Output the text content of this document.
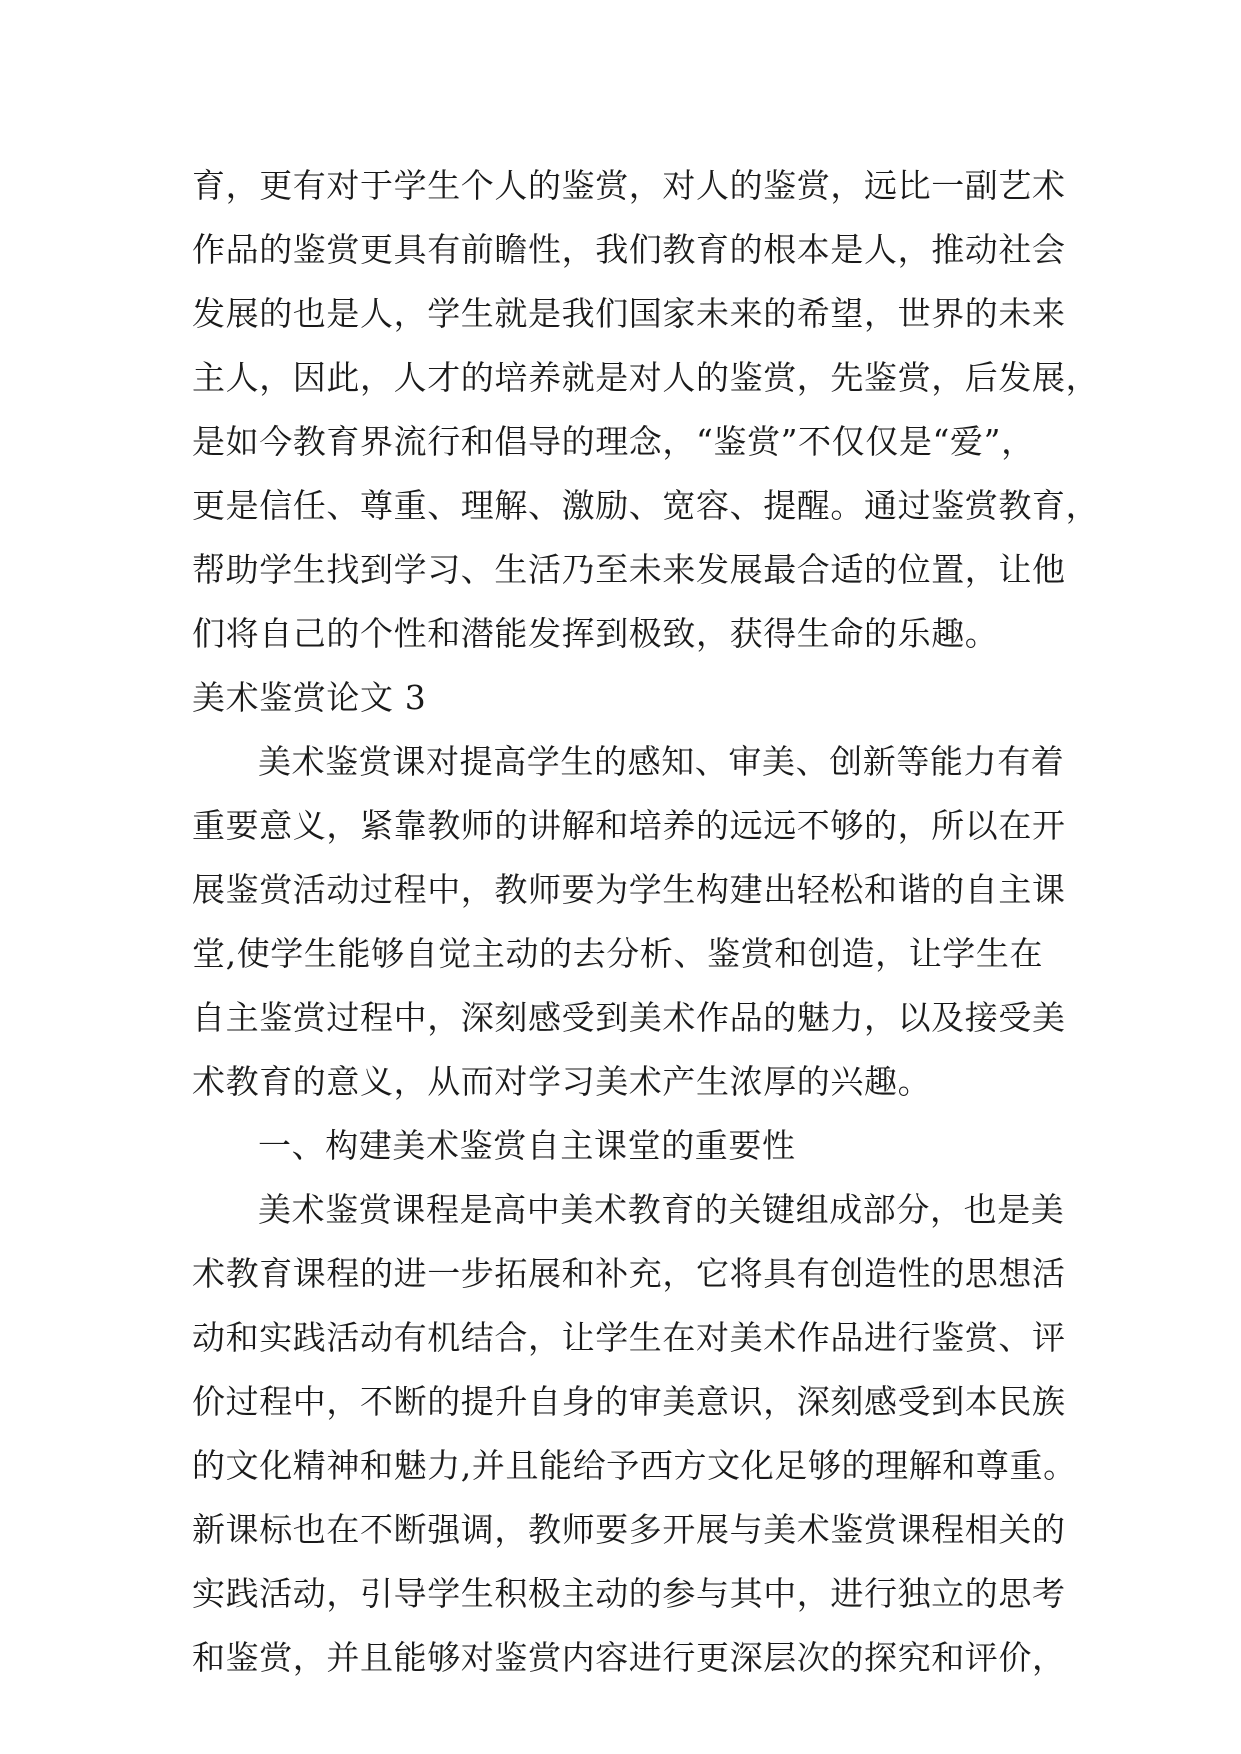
育，更有对于学生个人的鉴赏，对人的鉴赏，远比一副艺术
作品的鉴赏更具有前瞻性，我们教育的根本是人，推动社会
发展的也是人，学生就是我们国家未来的希望，世界的未来
主人，因此，人才的培养就是对人的鉴赏，先鉴赏，后发展，
是如今教育界流行和倡导的理念，“鉴赏”不仅仅是“爱”，
更是信任、尊重、理解、激励、宽容、提醒。通过鉴赏教育，
帮助学生找到学习、生活乃至未来发展最合适的位置，让他
们将自己的个性和潜能发挥到极致，获得生命的乐趣。
美术鉴赏论文 3
美术鉴赏课对提高学生的感知、审美、创新等能力有着
重要意义，紧靠教师的讲解和培养的远远不够的，所以在开
展鉴赏活动过程中，教师要为学生构建出轻松和谐的自主课
堂,使学生能够自觉主动的去分析、鉴赏和创造，让学生在
自主鉴赏过程中，深刻感受到美术作品的魅力，以及接受美
术教育的意义，从而对学习美术产生浓厚的兴趣。
一、构建美术鉴赏自主课堂的重要性
美术鉴赏课程是高中美术教育的关键组成部分，也是美
术教育课程的进一步拓展和补充，它将具有创造性的思想活
动和实践活动有机结合，让学生在对美术作品进行鉴赏、评
价过程中，不断的提升自身的审美意识，深刻感受到本民族
的文化精神和魅力,并且能给予西方文化足够的理解和尊重。
新课标也在不断强调，教师要多开展与美术鉴赏课程相关的
实践活动，引导学生积极主动的参与其中，进行独立的思考
和鉴赏，并且能够对鉴赏内容进行更深层次的探究和评价，
